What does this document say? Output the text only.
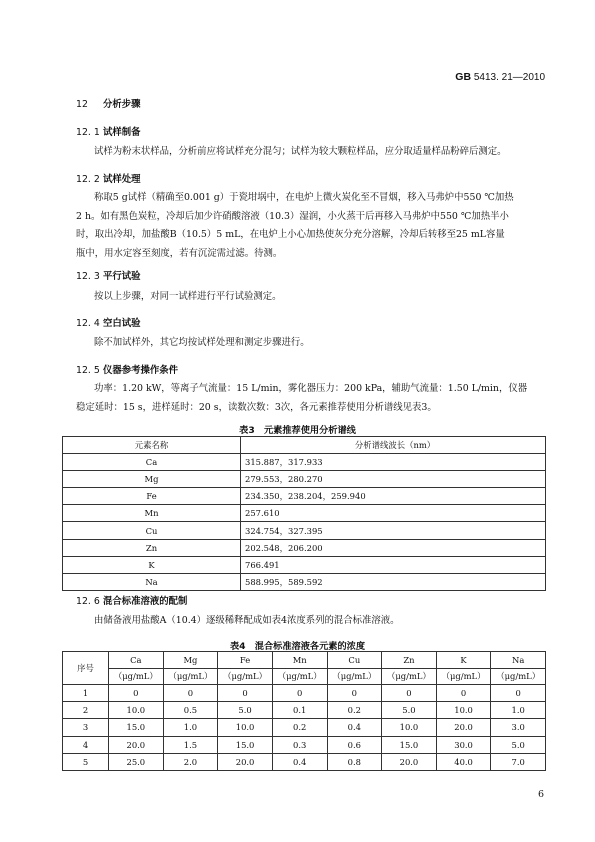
GB 5413. 21—2010
12 分析步骤
12. 1 试样制备
试样为粉末状样品，分析前应将试样充分混匀；试样为较大颗粒样品，应分取适量样品粉碎后测定。
12. 2 试样处理
称取5 g试样（精确至0.001 g）于瓷坩埚中，在电炉上微火炭化至不冒烟，移入马弗炉中550 ℃加热
2 h。如有黑色炭粒，冷却后加少许硝酸溶液（10.3）湿润，小火蒸干后再移入马弗炉中550 ℃加热半小
时，取出冷却，加盐酸B（10.5）5 mL，在电炉上小心加热使灰分充分溶解，冷却后转移至25 mL容量
瓶中，用水定容至刻度，若有沉淀需过滤。待测。
12. 3 平行试验
按以上步骤，对同一试样进行平行试验测定。
12. 4 空白试验
除不加试样外，其它均按试样处理和测定步骤进行。
12. 5 仪器参考操作条件
功率：1.20 kW，等离子气流量：15 L/min，雾化器压力：200 kPa，辅助气流量：1.50 L/min，仪器
稳定延时：15 s，进样延时：20 s，读数次数：3次，各元素推荐使用分析谱线见表3。
表3　元素推荐使用分析谱线
元素名称	分析谱线波长（nm）
Ca	315.887，317.933
Mg	279.553，280.270
Fe	234.350，238.204，259.940
Mn	257.610
Cu	324.754，327.395
Zn	202.548，206.200
K	766.491
Na	588.995，589.592
12. 6 混合标准溶液的配制
由储备液用盐酸A（10.4）逐级稀释配成如表4浓度系列的混合标准溶液。
表4　混合标准溶液各元素的浓度
序号	Ca	Mg	Fe	Mn	Cu	Zn	K	Na
	（μg/mL）	（μg/mL）	（μg/mL）	（μg/mL）	（μg/mL）	（μg/mL）	（μg/mL）	（μg/mL）
1	0	0	0	0	0	0	0	0
2	10.0	0.5	5.0	0.1	0.2	5.0	10.0	1.0
3	15.0	1.0	10.0	0.2	0.4	10.0	20.0	3.0
4	20.0	1.5	15.0	0.3	0.6	15.0	30.0	5.0
5	25.0	2.0	20.0	0.4	0.8	20.0	40.0	7.0
6
